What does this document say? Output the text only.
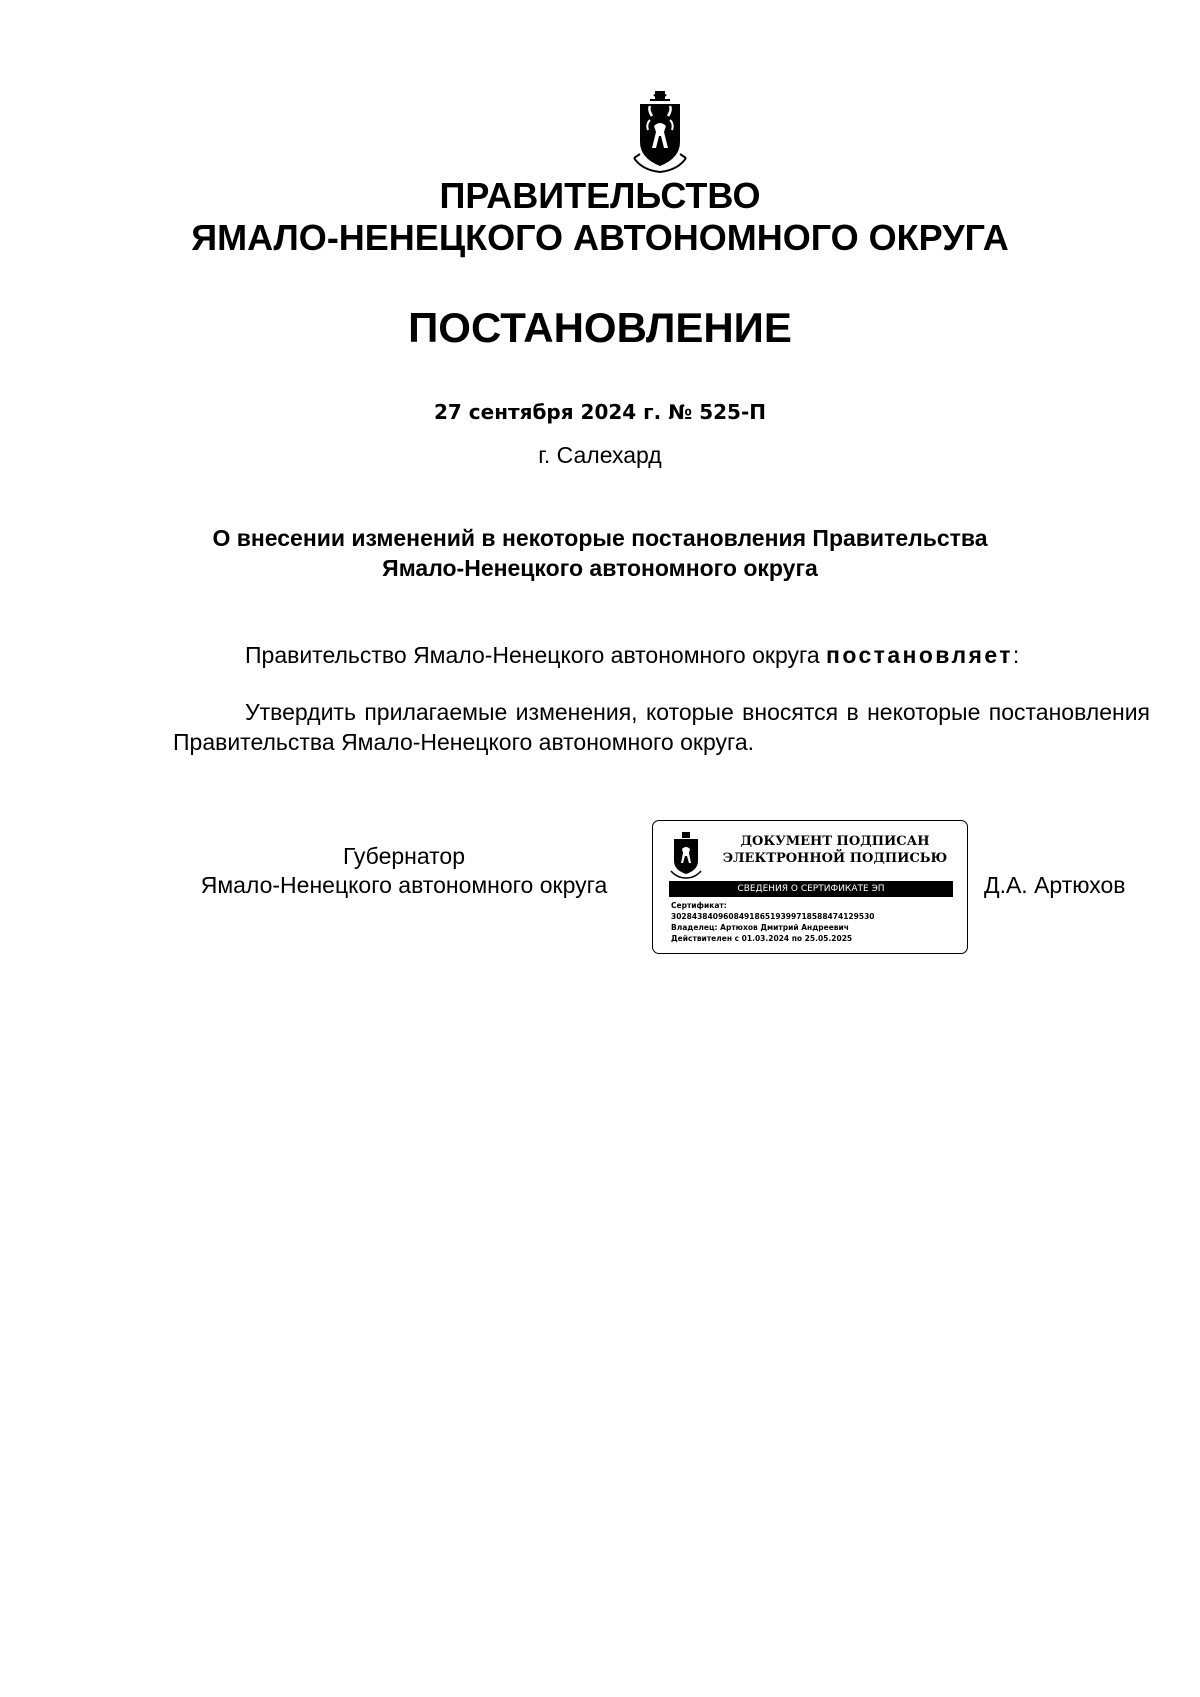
ПРАВИТЕЛЬСТВО
ЯМАЛО-НЕНЕЦКОГО АВТОНОМНОГО ОКРУГА
ПОСТАНОВЛЕНИЕ
27 сентября 2024 г. № 525-П
г. Салехард
О внесении изменений в некоторые постановления Правительства
Ямало-Ненецкого автономного округа
Правительство Ямало-Ненецкого автономного округа постановляет:
Утвердить прилагаемые изменения, которые вносятся в некоторые постановления Правительства Ямало-Ненецкого автономного округа.
Губернатор
Ямало-Ненецкого автономного округа
ДОКУМЕНТ ПОДПИСАН
ЭЛЕКТРОННОЙ ПОДПИСЬЮ
СВЕДЕНИЯ О СЕРТИФИКАТЕ ЭП
Сертификат:
302843840960849186519399718588474129530
Владелец: Артюхов Дмитрий Андреевич
Действителен с 01.03.2024 по 25.05.2025
Д.А. Артюхов
